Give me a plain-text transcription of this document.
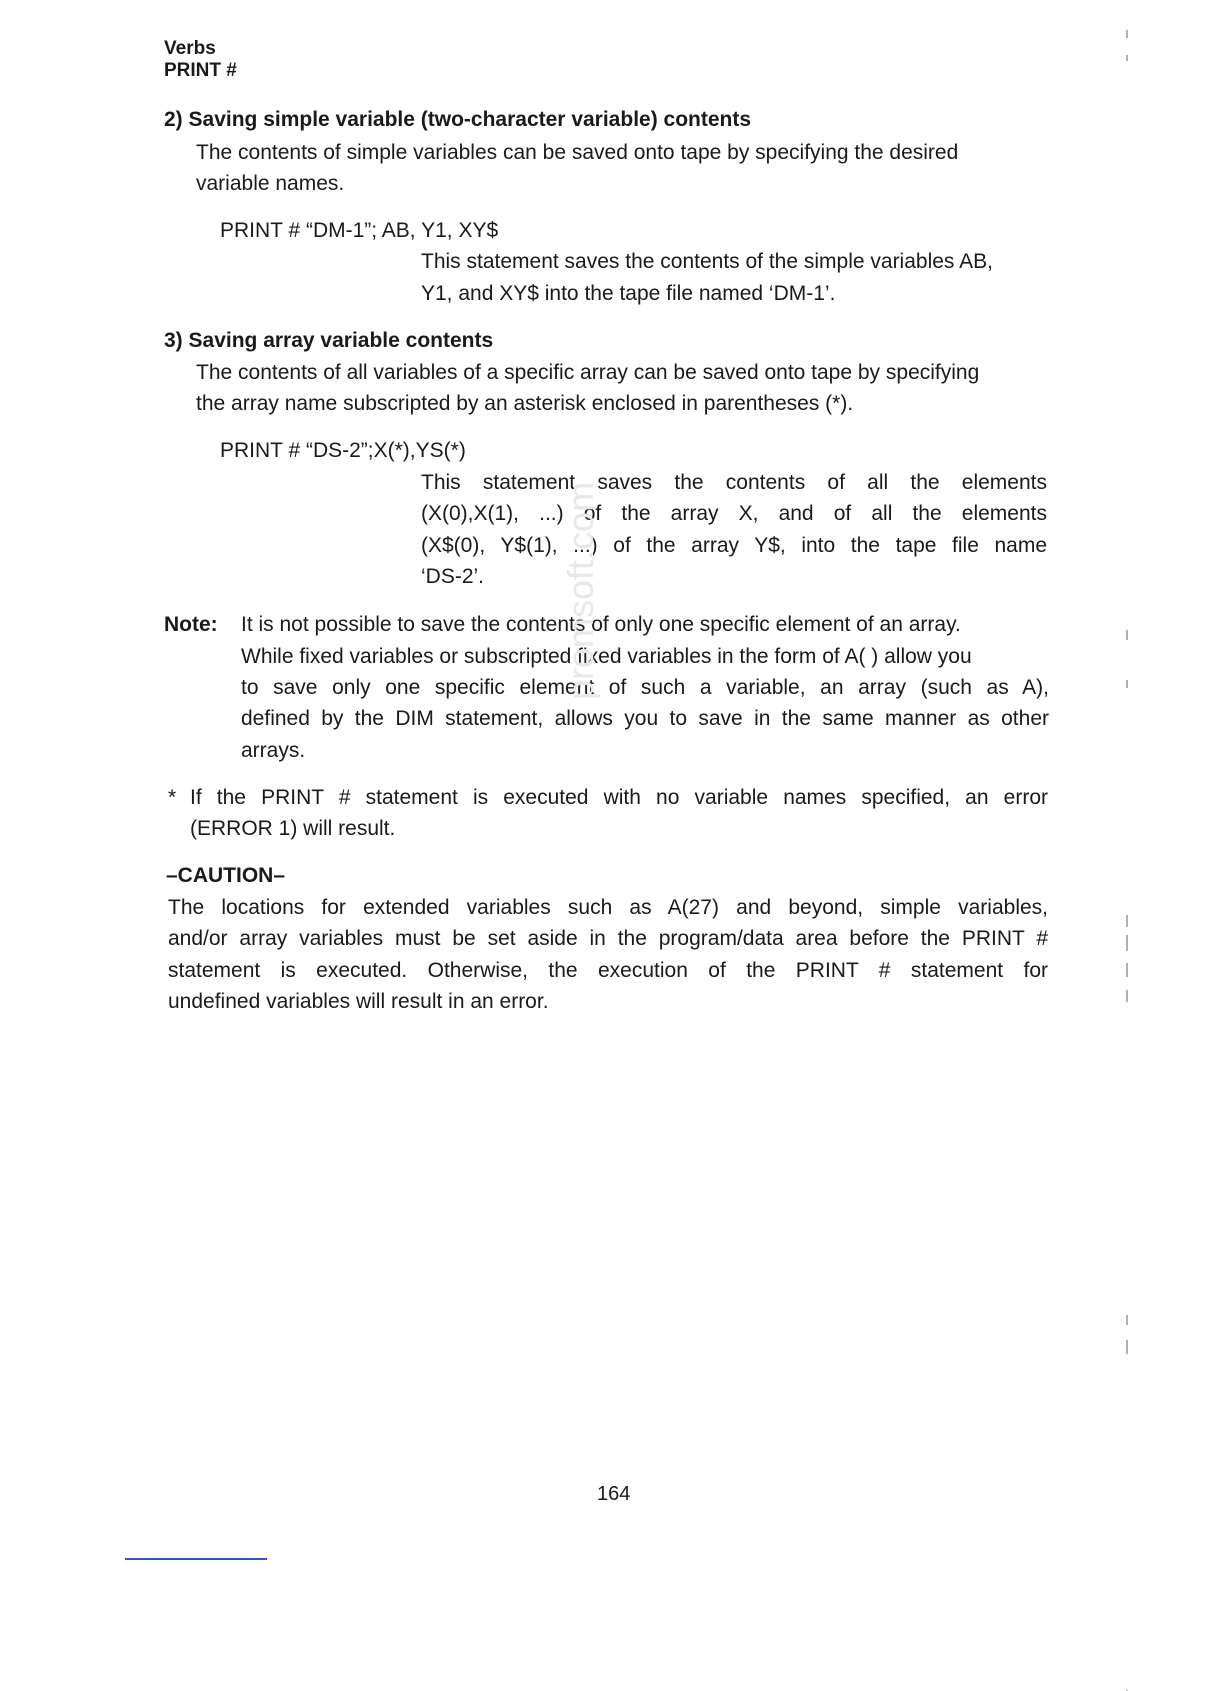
Verbs
PRINT #
2) Saving simple variable (two-character variable) contents
The contents of simple variables can be saved onto tape by specifying the desired
variable names.
PRINT # “DM-1”; AB, Y1, XY$
This statement saves the contents of the simple variables AB,
Y1, and XY$ into the tape file named ‘DM-1’.
3) Saving array variable contents
The contents of all variables of a specific array can be saved onto tape by specifying
the array name subscripted by an asterisk enclosed in parentheses (*).
PRINT # “DS-2”;X(*),YS(*)
This statement saves the contents of all the elements
(X(0),X(1), ...) of the array X, and of all the elements
(X$(0), Y$(1), ...) of the array Y$, into the tape file name
‘DS-2’.
Note: It is not possible to save the contents of only one specific element of an array.
While fixed variables or subscripted fixed variables in the form of A( ) allow you
to save only one specific element of such a variable, an array (such as A),
defined by the DIM statement, allows you to save in the same manner as other
arrays.
* If the PRINT # statement is executed with no variable names specified, an error
(ERROR 1) will result.
–CAUTION–
The locations for extended variables such as A(27) and beyond, simple variables,
and/or array variables must be set aside in the program/data area before the PRINT #
statement is executed. Otherwise, the execution of the PRINT # statement for
undefined variables will result in an error.
promsoft.com
164
